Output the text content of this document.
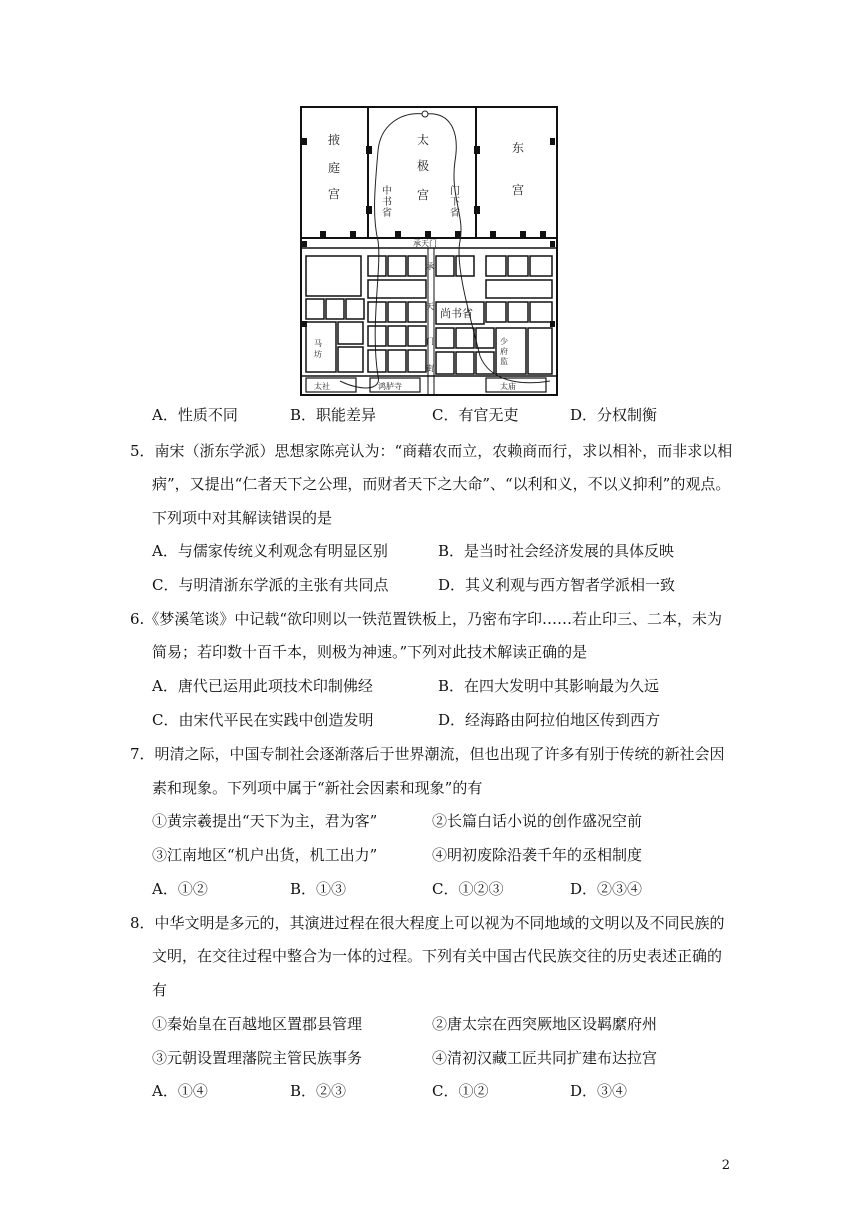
掖
庭
宫
太
极
宫
东
宫
中
书
省
门
下
省
承天门
承
天
门
街
尚书省
马
坊
少
府
监
太社	鸿胪寺	太庙
A．性质不同	B．职能差异	C．有官无吏	D．分权制衡
5．南宋（浙东学派）思想家陈亮认为：“商藉农而立，农赖商而行，求以相补，而非求以相
病”，又提出“仁者天下之公理，而财者天下之大命”、“以利和义，不以义抑利”的观点。
下列项中对其解读错误的是
A．与儒家传统义利观念有明显区别	B．是当时社会经济发展的具体反映
C．与明清浙东学派的主张有共同点	D．其义利观与西方智者学派相一致
6.《梦溪笔谈》中记载“欲印则以一铁范置铁板上，乃密布字印……若止印三、二本，未为
简易；若印数十百千本，则极为神速。”下列对此技术解读正确的是
A．唐代已运用此项技术印制佛经	B．在四大发明中其影响最为久远
C．由宋代平民在实践中创造发明	D．经海路由阿拉伯地区传到西方
7．明清之际，中国专制社会逐渐落后于世界潮流，但也出现了许多有别于传统的新社会因
素和现象。下列项中属于“新社会因素和现象”的有
①黄宗羲提出“天下为主，君为客”	②长篇白话小说的创作盛况空前
③江南地区“机户出货，机工出力”	④明初废除沿袭千年的丞相制度
A．①②	B．①③	C．①②③	D．②③④
8．中华文明是多元的，其演进过程在很大程度上可以视为不同地域的文明以及不同民族的
文明，在交往过程中整合为一体的过程。下列有关中国古代民族交往的历史表述正确的
有
①秦始皇在百越地区置郡县管理	②唐太宗在西突厥地区设羁縻府州
③元朝设置理藩院主管民族事务	④清初汉藏工匠共同扩建布达拉宫
A．①④	B．②③	C．①②	D．③④
2
